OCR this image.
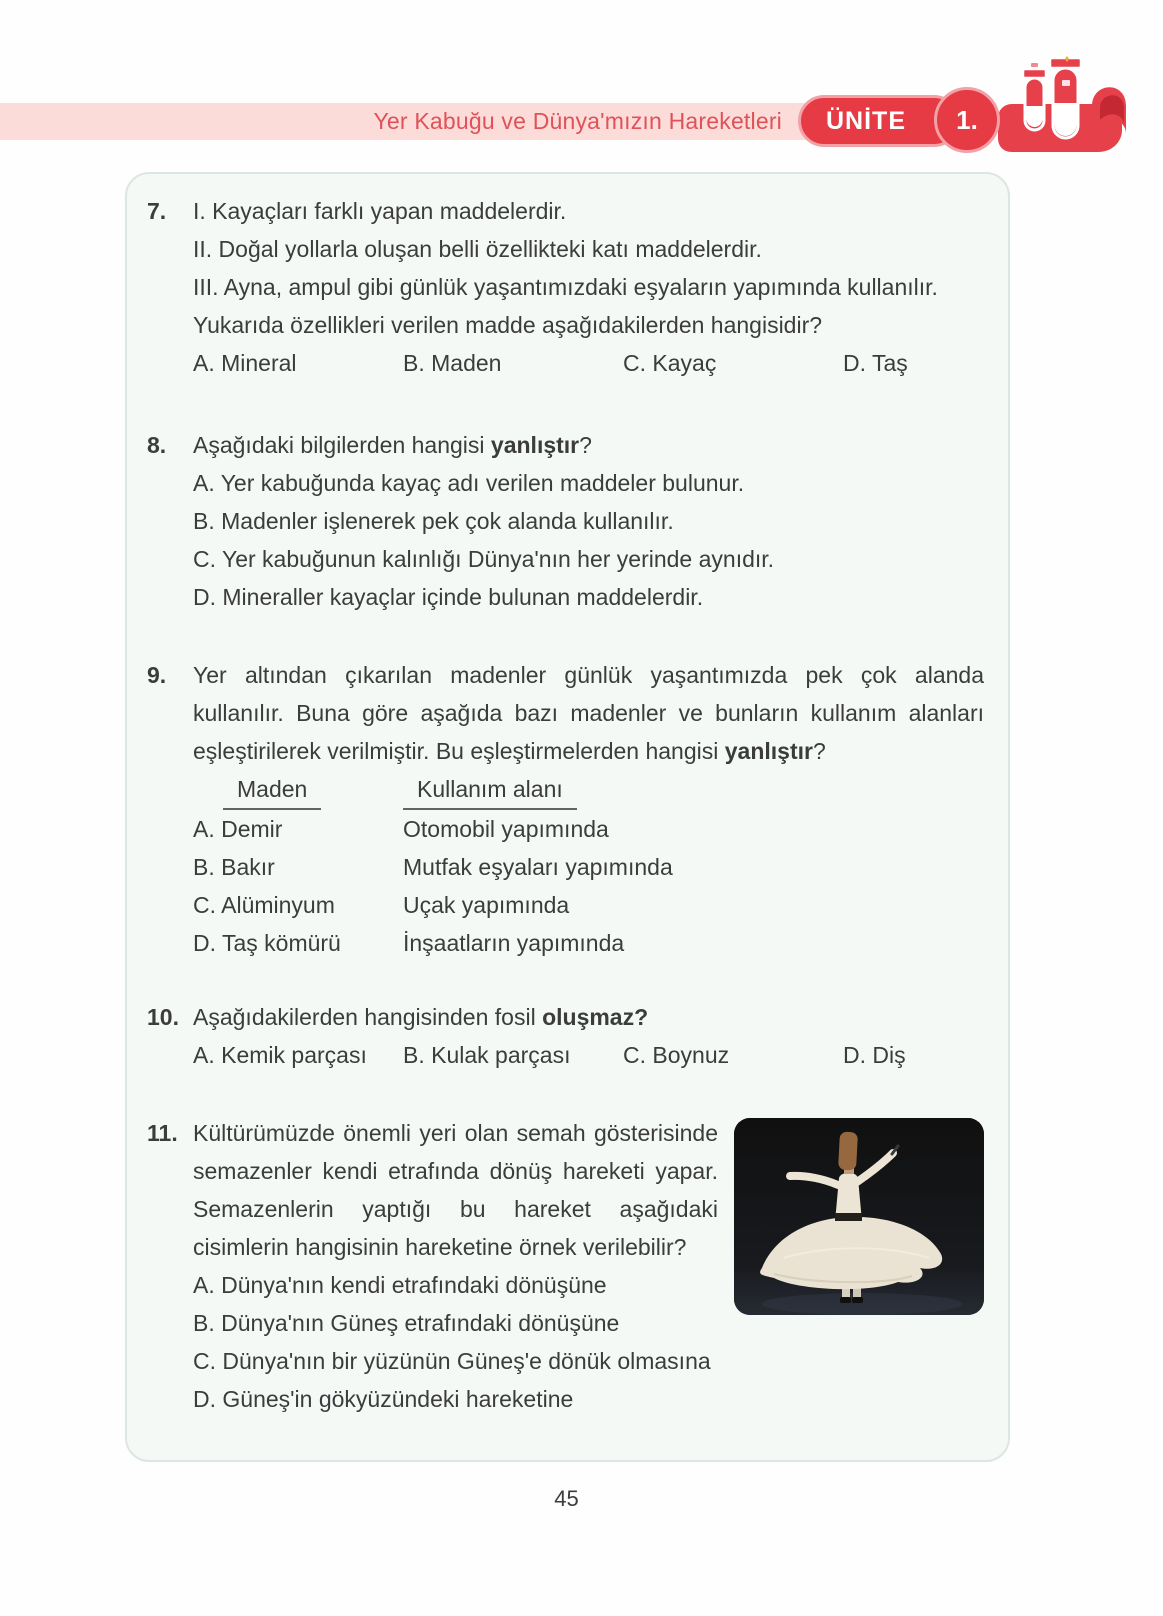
Yer Kabuğu ve Dünya'mızın Hareketleri ÜNİTE 1.
7.	I. Kayaçları farklı yapan maddelerdir.
II. Doğal yollarla oluşan belli özellikteki katı maddelerdir.
III. Ayna, ampul gibi günlük yaşantımızdaki eşyaların yapımında kullanılır.
Yukarıda özellikleri verilen madde aşağıdakilerden hangisidir?
A. Mineral	B. Maden	C. Kayaç	D. Taş
8.	Aşağıdaki bilgilerden hangisi yanlıştır?
A. Yer kabuğunda kayaç adı verilen maddeler bulunur.
B. Madenler işlenerek pek çok alanda kullanılır.
C. Yer kabuğunun kalınlığı Dünya'nın her yerinde aynıdır.
D. Mineraller kayaçlar içinde bulunan maddelerdir.
9.	Yer altından çıkarılan madenler günlük yaşantımızda pek çok alanda kullanılır. Buna göre aşağıda bazı madenler ve bunların kullanım alanları eşleştirilerek verilmiştir. Bu eşleştirmelerden hangisi yanlıştır?
Maden	Kullanım alanı
A. Demir	Otomobil yapımında
B. Bakır	Mutfak eşyaları yapımında
C. Alüminyum	Uçak yapımında
D. Taş kömürü	İnşaatların yapımında
10. Aşağıdakilerden hangisinden fosil oluşmaz?
A. Kemik parçası	B. Kulak parçası	C. Boynuz	D. Diş
11. Kültürümüzde önemli yeri olan semah gösterisinde semazenler kendi etrafında dönüş hareketi yapar. Semazenlerin yaptığı bu hareket aşağıdaki cisimlerin hangisinin hareketine örnek verilebilir?
A. Dünya'nın kendi etrafındaki dönüşüne
B. Dünya'nın Güneş etrafındaki dönüşüne
C. Dünya'nın bir yüzünün Güneş'e dönük olmasına
D. Güneş'in gökyüzündeki hareketine
45
